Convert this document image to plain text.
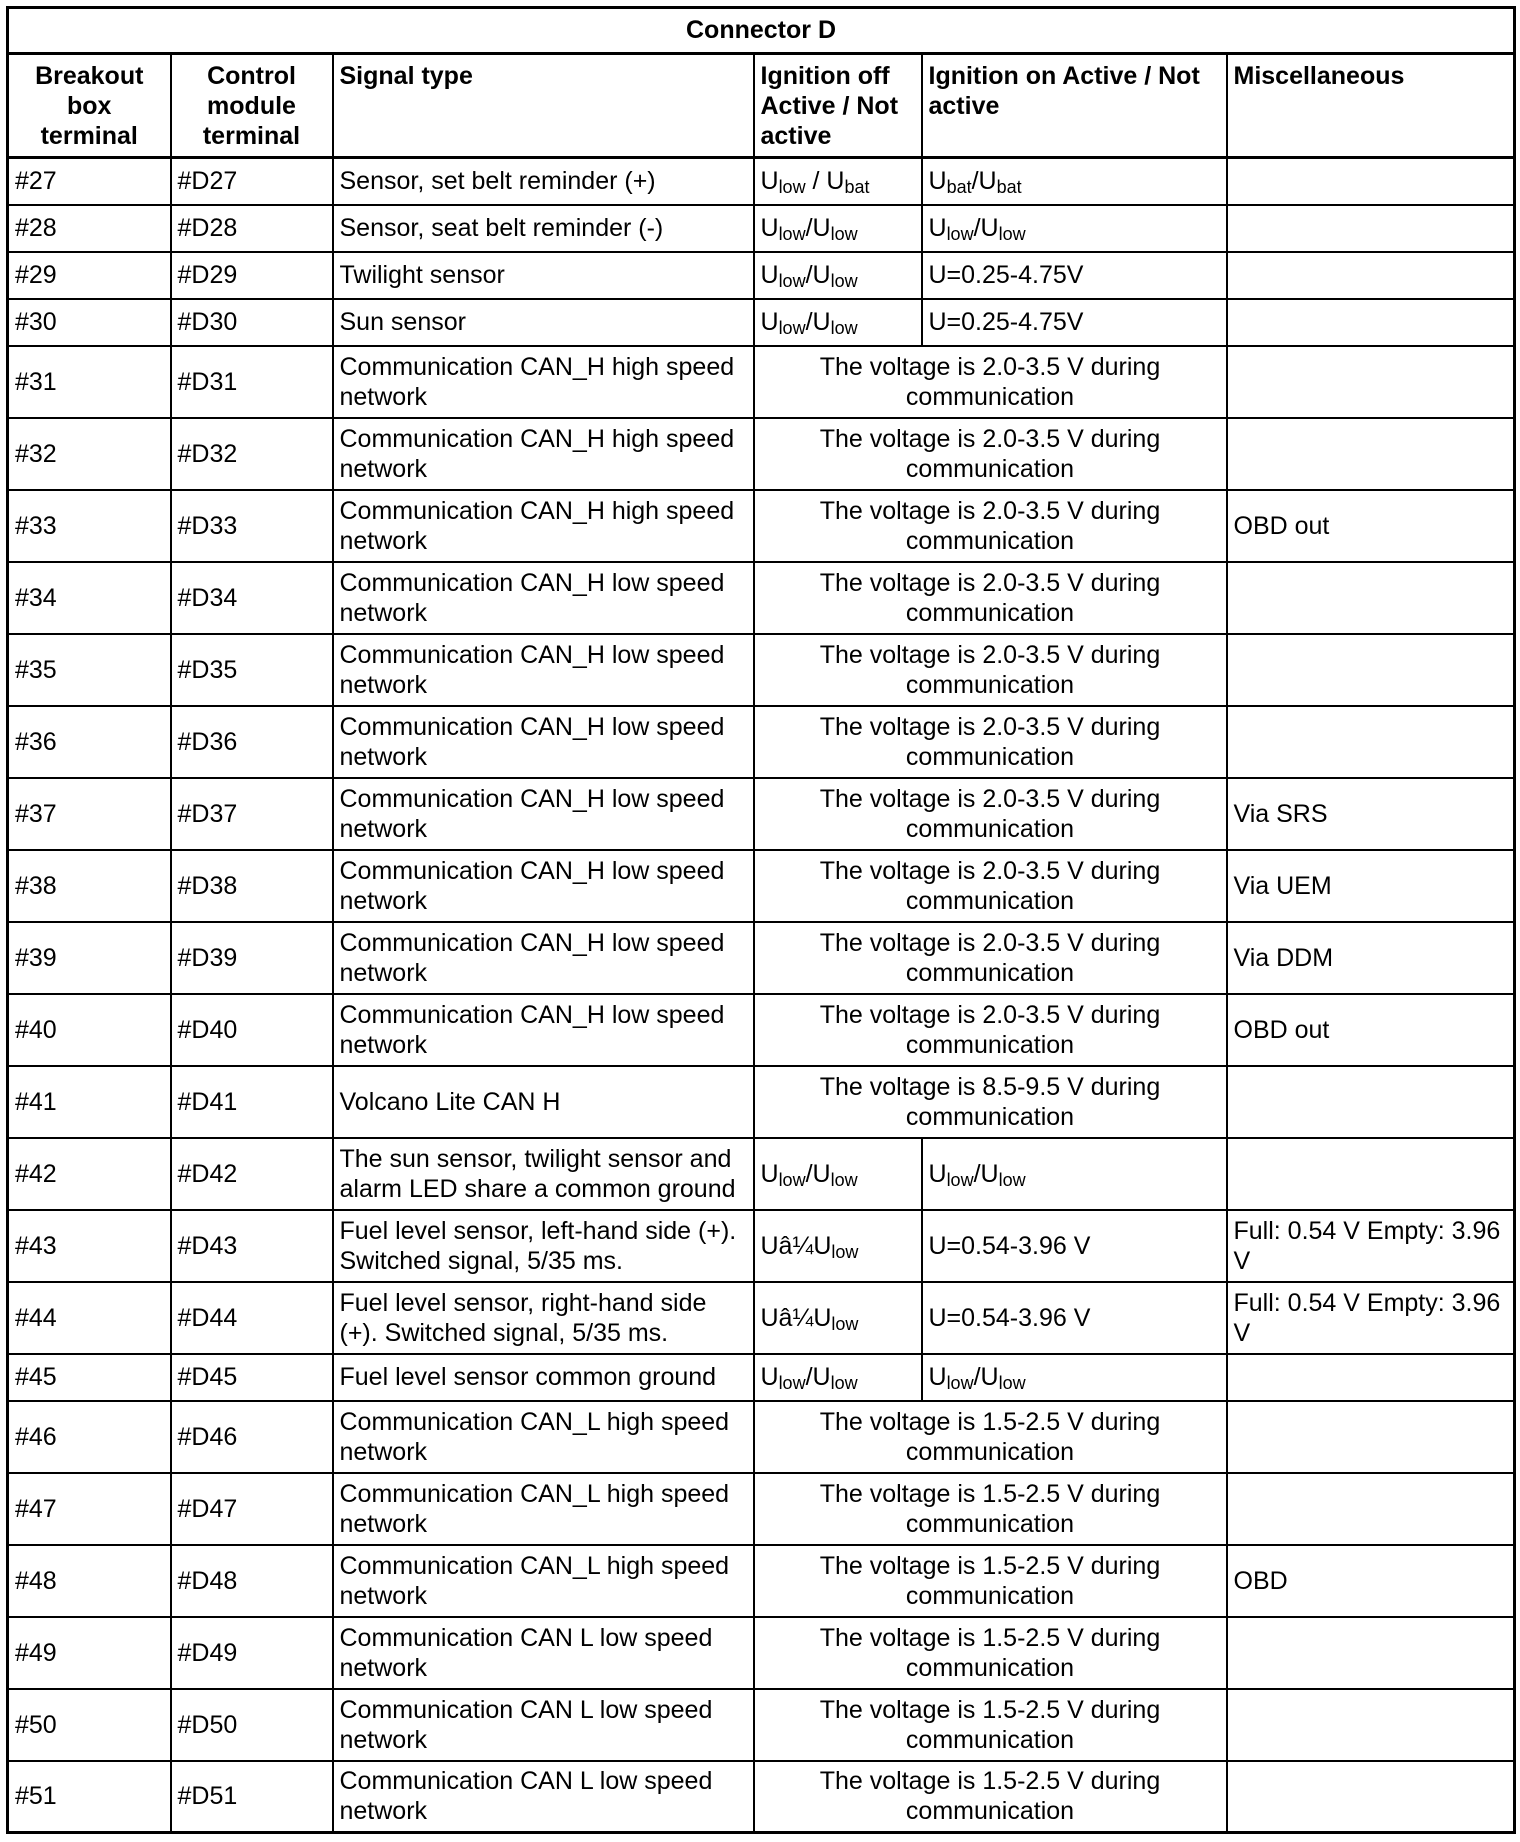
Connector D
Breakout box terminal	Control module terminal	Signal type	Ignition off Active / Not active	Ignition on Active / Not active	Miscellaneous
#27	#D27	Sensor, set belt reminder (+)	$U_{low} / U_{bat}$	$U_{bat}/U_{bat}$	
#28	#D28	Sensor, seat belt reminder (-)	$U_{low}/U_{low}$	$U_{low}/U_{low}$	
#29	#D29	Twilight sensor	$U_{low}/U_{low}$	U=0.25-4.75V	
#30	#D30	Sun sensor	$U_{low}/U_{low}$	U=0.25-4.75V	
#31	#D31	Communication CAN_H high speed network	The voltage is 2.0-3.5 V during communication		
#32	#D32	Communication CAN_H high speed network	The voltage is 2.0-3.5 V during communication		
#33	#D33	Communication CAN_H high speed network	The voltage is 2.0-3.5 V during communication		OBD out
#34	#D34	Communication CAN_H low speed network	The voltage is 2.0-3.5 V during communication		
#35	#D35	Communication CAN_H low speed network	The voltage is 2.0-3.5 V during communication		
#36	#D36	Communication CAN_H low speed network	The voltage is 2.0-3.5 V during communication		
#37	#D37	Communication CAN_H low speed network	The voltage is 2.0-3.5 V during communication		Via SRS
#38	#D38	Communication CAN_H low speed network	The voltage is 2.0-3.5 V during communication		Via UEM
#39	#D39	Communication CAN_H low speed network	The voltage is 2.0-3.5 V during communication		Via DDM
#40	#D40	Communication CAN_H low speed network	The voltage is 2.0-3.5 V during communication		OBD out
#41	#D41	Volcano Lite CAN H	The voltage is 8.5-9.5 V during communication		
#42	#D42	The sun sensor, twilight sensor and alarm LED share a common ground	$U_{low}/U_{low}$	$U_{low}/U_{low}$	
#43	#D43	Fuel level sensor, left-hand side (+). Switched signal, 5/35 ms.	$Uâ\frac{1}{4}U_{low}$	U=0.54-3.96 V	Full: 0.54 V Empty: 3.96 V
#44	#D44	Fuel level sensor, right-hand side (+). Switched signal, 5/35 ms.	$Uâ\frac{1}{4}U_{low}$	U=0.54-3.96 V	Full: 0.54 V Empty: 3.96 V
#45	#D45	Fuel level sensor common ground	$U_{low}/U_{low}$	$U_{low}/U_{low}$	
#46	#D46	Communication CAN_L high speed network	The voltage is 1.5-2.5 V during communication		
#47	#D47	Communication CAN_L high speed network	The voltage is 1.5-2.5 V during communication		
#48	#D48	Communication CAN_L high speed network	The voltage is 1.5-2.5 V during communication		OBD
#49	#D49	Communication CAN L low speed network	The voltage is 1.5-2.5 V during communication		
#50	#D50	Communication CAN L low speed network	The voltage is 1.5-2.5 V during communication		
#51	#D51	Communication CAN L low speed network	The voltage is 1.5-2.5 V during communication		
